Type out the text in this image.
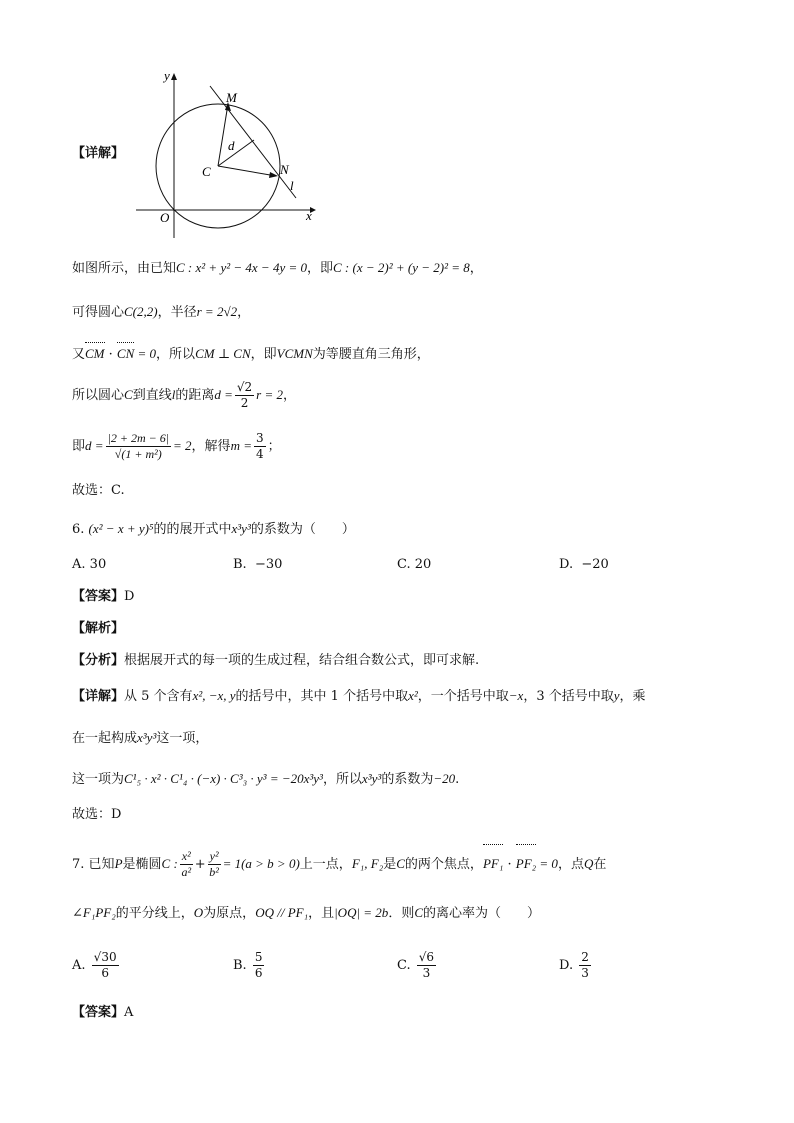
y
x
O
C
M
N
l
d
【详解】
如图所示，由已知C : x² + y² − 4x − 4y = 0，即C : (x − 2)² + (y − 2)² = 8，
可得圆心C(2,2)，半径r = 2√2，
又CM · CN = 0，所以CM ⊥ CN，即VCMN为等腰直角三角形，
所以圆心C到直线l的距离$d = \frac{√2}{2}$ r = 2，
即$d = \frac{|2 + 2m - 6|}{\text{√(1 + m²)}} = 2$，解得$m = \frac{3}{4}$ ；
故选：C.
6. (x² − x + y)⁵的的展开式中x³y³的系数为（　　）
A. 30	B. −30	C. 20	D. −20
【答案】D
【解析】
【分析】根据展开式的每一项的生成过程，结合组合数公式，即可求解.
【详解】从 5 个含有x², −x, y的括号中，其中 1 个括号中取x²，一个括号中取−x，3 个括号中取y，乘
在一起构成x³y³这一项，
这一项为C¹₅ · x² · C¹₄ · (−x) · C³₃ · y³ = −20x³y³，所以x³y³的系数为−20.
故选：D
7. 已知P是椭圆C : $\frac{\text{x²}}{\text{a²}} + \frac{\text{y²}}{\text{b²}} = 1(a > b > 0)$上一点，F₁, F₂是C的两个焦点，PF₁ · PF₂ = 0，点Q在
∠F₁PF₂的平分线上，O为原点，OQ // PF₁，且|OQ| = 2b．则C的离心率为（　　）
A. $\frac{√30}{6}$	B. $\frac{5}{6}$	C. $\frac{√6}{3}$	D. $\frac{2}{3}$
【答案】A
